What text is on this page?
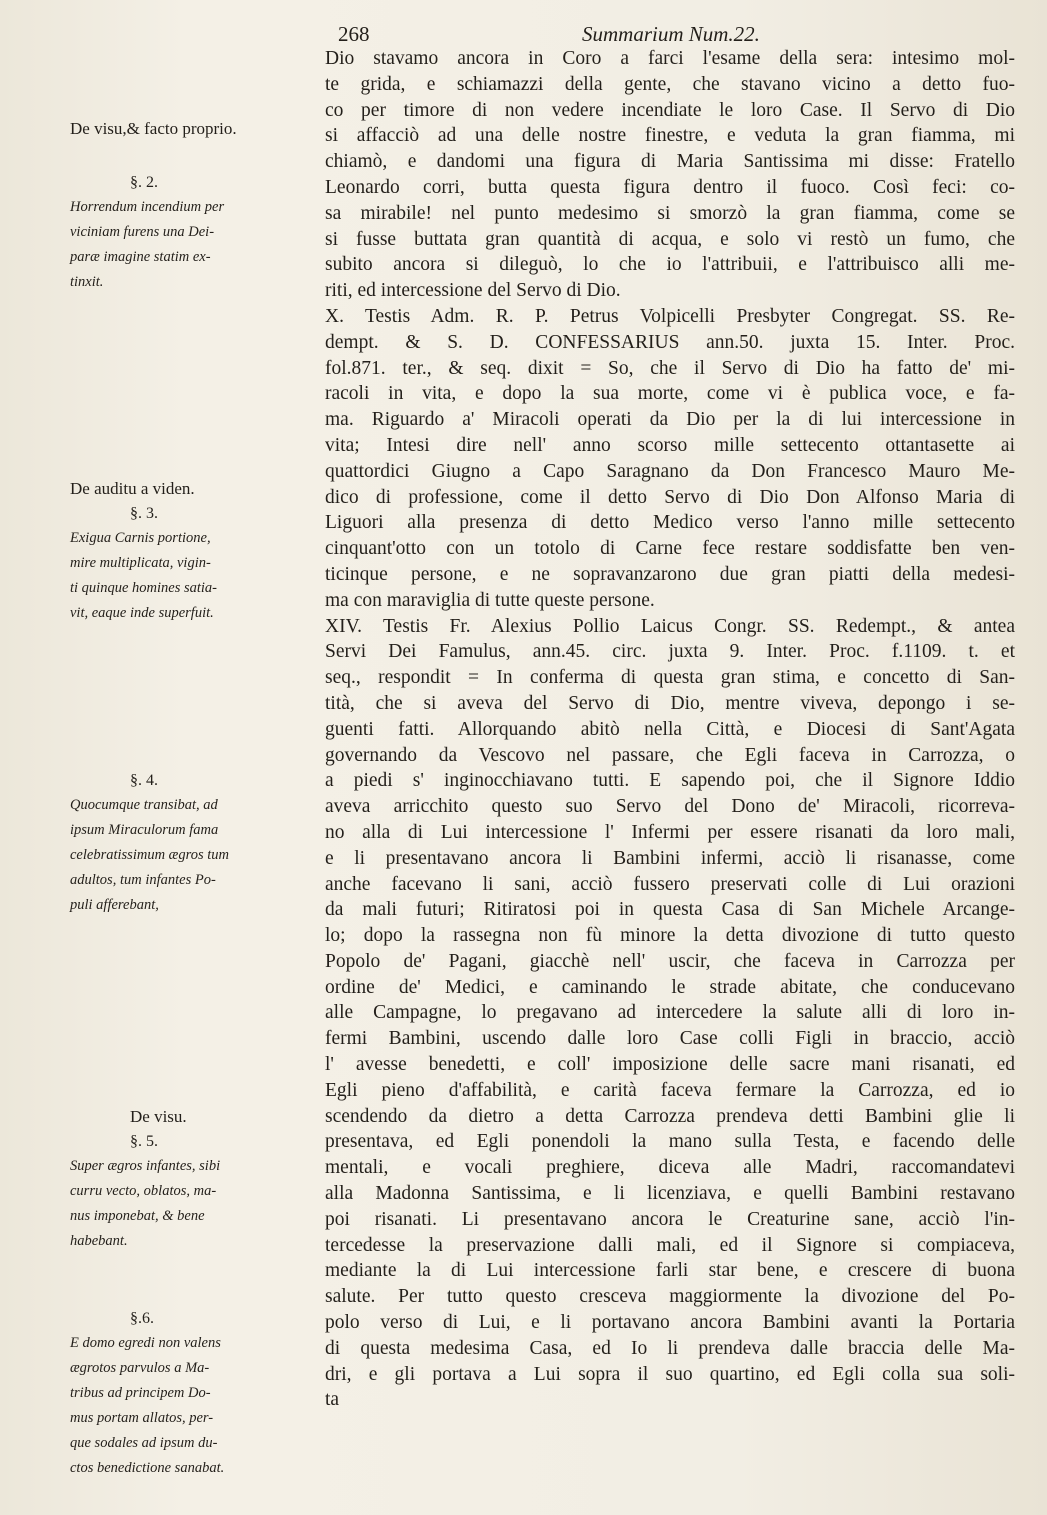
268	Summarium Num.22.
De visu,& facto proprio.
§. 2.
Horrendum incendium per
viciniam furens una Dei-
paræ imagine statim ex-
tinxit.
De auditu a viden.
§. 3.
Exigua Carnis portione,
mire multiplicata, vigin-
ti quinque homines satia-
vit, eaque inde superfuit.
§. 4.
Quocumque transibat, ad
ipsum Miraculorum fama
celebratissimum ægros tum
adultos, tum infantes Po-
puli afferebant,
De visu.
§. 5.
Super ægros infantes, sibi
curru vecto, oblatos, ma-
nus imponebat, & bene
habebant.
§.6.
E domo egredi non valens
ægrotos parvulos a Ma-
tribus ad principem Do-
mus portam allatos, per-
que sodales ad ipsum du-
ctos benedictione sanabat.
Dio stavamo ancora in Coro a farci l'esame della sera: intesimo mol-
te grida, e schiamazzi della gente, che stavano vicino a detto fuo-
co per timore di non vedere incendiate le loro Case. Il Servo di Dio
si affacciò ad una delle nostre finestre, e veduta la gran fiamma, mi
chiamò, e dandomi una figura di Maria Santissima mi disse: Fratello
Leonardo corri, butta questa figura dentro il fuoco. Così feci: co-
sa mirabile! nel punto medesimo si smorzò la gran fiamma, come se
si fusse buttata gran quantità di acqua, e solo vi restò un fumo, che
subito ancora si dileguò, lo che io l'attribuii, e l'attribuisco alli me-
riti, ed intercessione del Servo di Dio.
X. Testis Adm. R. P. Petrus Volpicelli Presbyter Congregat. SS. Re-
dempt. & S. D. CONFESSARIUS ann.50. juxta 15. Inter. Proc.
fol.871. ter., & seq. dixit = So, che il Servo di Dio ha fatto de' mi-
racoli in vita, e dopo la sua morte, come vi è publica voce, e fa-
ma. Riguardo a' Miracoli operati da Dio per la di lui intercessione in
vita; Intesi dire nell' anno scorso mille settecento ottantasette ai
quattordici Giugno a Capo Saragnano da Don Francesco Mauro Me-
dico di professione, come il detto Servo di Dio Don Alfonso Maria di
Liguori alla presenza di detto Medico verso l'anno mille settecento
cinquant'otto con un totolo di Carne fece restare soddisfatte ben ven-
ticinque persone, e ne sopravanzarono due gran piatti della medesi-
ma con maraviglia di tutte queste persone.
XIV. Testis Fr. Alexius Pollio Laicus Congr. SS. Redempt., & antea
Servi Dei Famulus, ann.45. circ. juxta 9. Inter. Proc. f.1109. t. et
seq., respondit = In conferma di questa gran stima, e concetto di San-
tità, che si aveva del Servo di Dio, mentre viveva, depongo i se-
guenti fatti. Allorquando abitò nella Città, e Diocesi di Sant'Agata
governando da Vescovo nel passare, che Egli faceva in Carrozza, o
a piedi s' inginocchiavano tutti. E sapendo poi, che il Signore Iddio
aveva arricchito questo suo Servo del Dono de' Miracoli, ricorreva-
no alla di Lui intercessione l' Infermi per essere risanati da loro mali,
e li presentavano ancora li Bambini infermi, acciò li risanasse, come
anche facevano li sani, acciò fussero preservati colle di Lui orazioni
da mali futuri; Ritiratosi poi in questa Casa di San Michele Arcange-
lo; dopo la rassegna non fù minore la detta divozione di tutto questo
Popolo de' Pagani, giacchè nell' uscir, che faceva in Carrozza per
ordine de' Medici, e caminando le strade abitate, che conducevano
alle Campagne, lo pregavano ad intercedere la salute alli di loro in-
fermi Bambini, uscendo dalle loro Case colli Figli in braccio, acciò
l' avesse benedetti, e coll' imposizione delle sacre mani risanati, ed
Egli pieno d'affabilità, e carità faceva fermare la Carrozza, ed io
scendendo da dietro a detta Carrozza prendeva detti Bambini glie li
presentava, ed Egli ponendoli la mano sulla Testa, e facendo delle
mentali, e vocali preghiere, diceva alle Madri, raccomandatevi
alla Madonna Santissima, e li licenziava, e quelli Bambini restavano
poi risanati. Li presentavano ancora le Creaturine sane, acciò l'in-
tercedesse la preservazione dalli mali, ed il Signore si compiaceva,
mediante la di Lui intercessione farli star bene, e crescere di buona
salute. Per tutto questo cresceva maggiormente la divozione del Po-
polo verso di Lui, e li portavano ancora Bambini avanti la Portaria
di questa medesima Casa, ed Io li prendeva dalle braccia delle Ma-
dri, e gli portava a Lui sopra il suo quartino, ed Egli colla sua soli-
ta
